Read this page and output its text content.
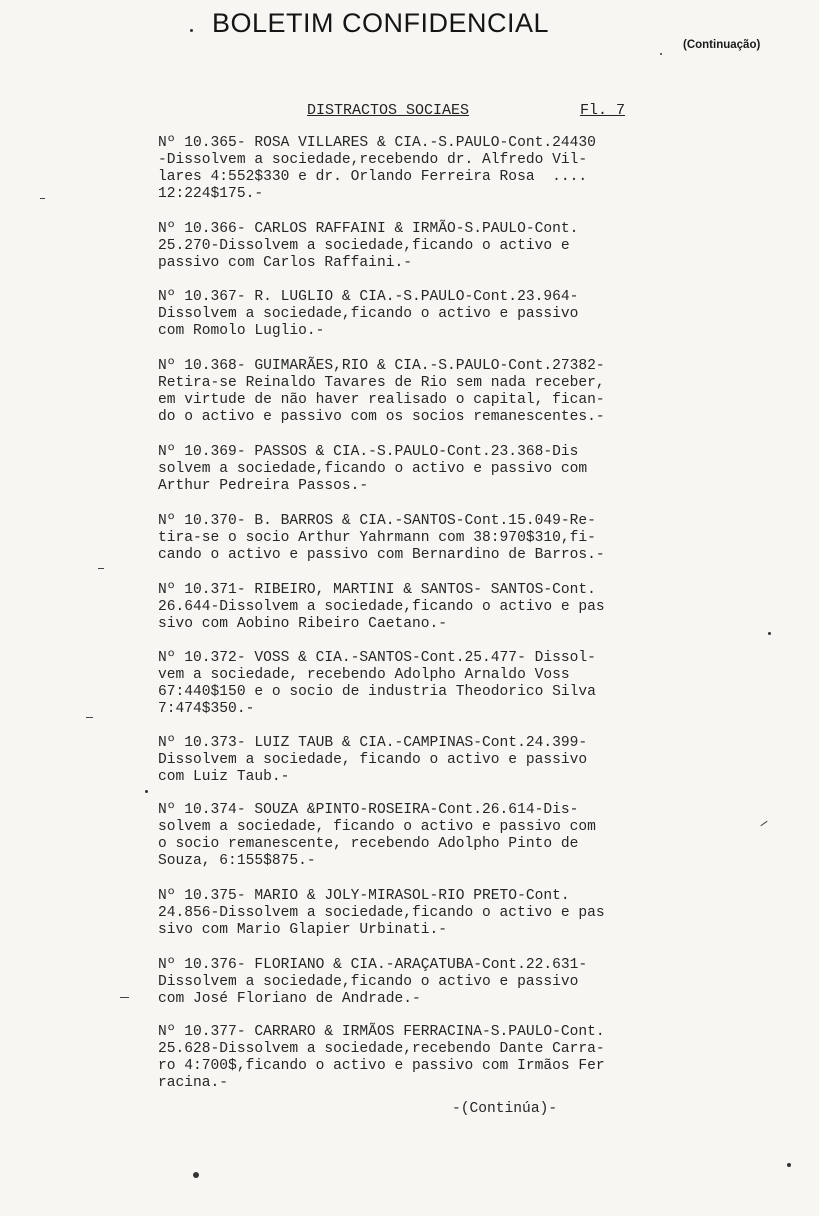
BOLETIM CONFIDENCIAL
(Continuação)
DISTRACTOS SOCIAES	Fl. 7
Nº 10.365- ROSA VILLARES & CIA.-S.PAULO-Cont.24430
-Dissolvem a sociedade,recebendo dr. Alfredo Vil-
lares 4:552$330 e dr. Orlando Ferreira Rosa  ....
12:224$175.-
Nº 10.366- CARLOS RAFFAINI & IRMÃO-S.PAULO-Cont.
25.270-Dissolvem a sociedade,ficando o activo e
passivo com Carlos Raffaini.-
Nº 10.367- R. LUGLIO & CIA.-S.PAULO-Cont.23.964-
Dissolvem a sociedade,ficando o activo e passivo
com Romolo Luglio.-
Nº 10.368- GUIMARÃES,RIO & CIA.-S.PAULO-Cont.27382-
Retira-se Reinaldo Tavares de Rio sem nada receber,
em virtude de não haver realisado o capital, fican-
do o activo e passivo com os socios remanescentes.-
Nº 10.369- PASSOS & CIA.-S.PAULO-Cont.23.368-Dis
solvem a sociedade,ficando o activo e passivo com
Arthur Pedreira Passos.-
Nº 10.370- B. BARROS & CIA.-SANTOS-Cont.15.049-Re-
tira-se o socio Arthur Yahrmann com 38:970$310,fi-
cando o activo e passivo com Bernardino de Barros.-
Nº 10.371- RIBEIRO, MARTINI & SANTOS- SANTOS-Cont.
26.644-Dissolvem a sociedade,ficando o activo e pas
sivo com Aobino Ribeiro Caetano.-
Nº 10.372- VOSS & CIA.-SANTOS-Cont.25.477- Dissol-
vem a sociedade, recebendo Adolpho Arnaldo Voss
67:440$150 e o socio de industria Theodorico Silva
7:474$350.-
Nº 10.373- LUIZ TAUB & CIA.-CAMPINAS-Cont.24.399-
Dissolvem a sociedade, ficando o activo e passivo
com Luiz Taub.-
Nº 10.374- SOUZA &PINTO-ROSEIRA-Cont.26.614-Dis-
solvem a sociedade, ficando o activo e passivo com
o socio remanescente, recebendo Adolpho Pinto de
Souza, 6:155$875.-
Nº 10.375- MARIO & JOLY-MIRASOL-RIO PRETO-Cont.
24.856-Dissolvem a sociedade,ficando o activo e pas
sivo com Mario Glapier Urbinati.-
Nº 10.376- FLORIANO & CIA.-ARAÇATUBA-Cont.22.631-
Dissolvem a sociedade,ficando o activo e passivo
com José Floriano de Andrade.-
Nº 10.377- CARRARO & IRMÃOS FERRACINA-S.PAULO-Cont.
25.628-Dissolvem a sociedade,recebendo Dante Carra-
ro 4:700$,ficando o activo e passivo com Irmãos Fer
racina.-
-(Continúa)-
